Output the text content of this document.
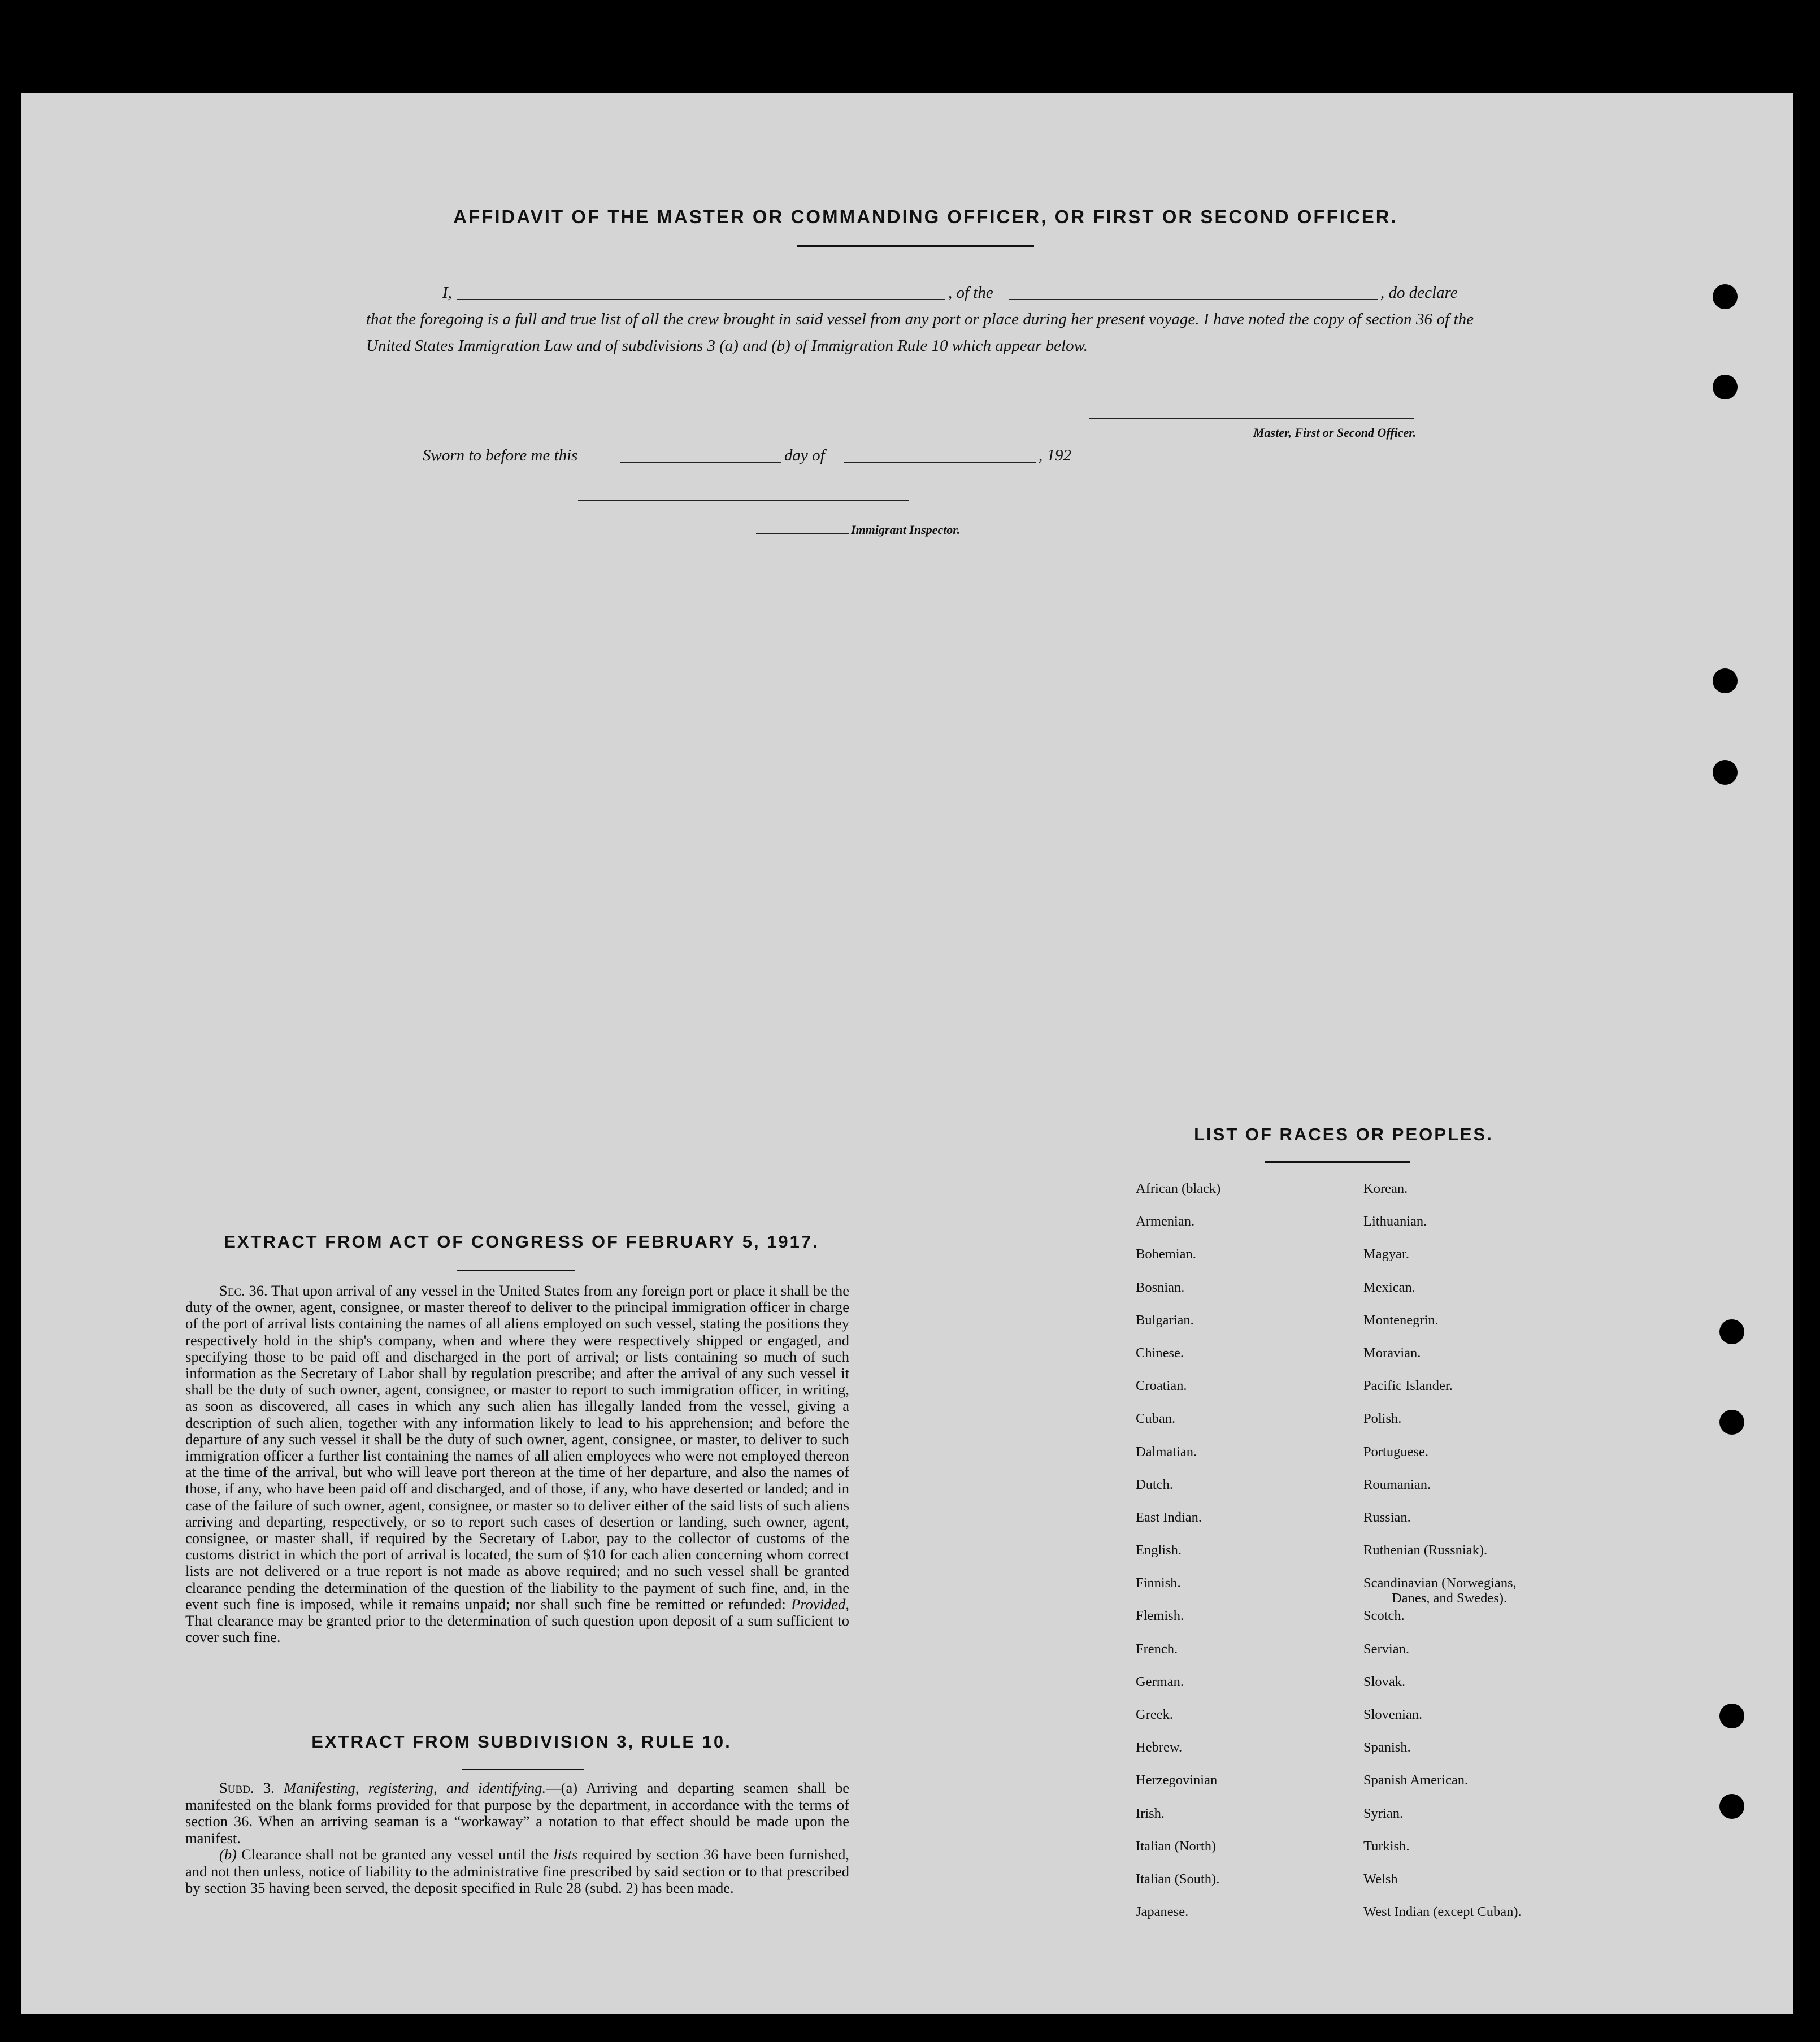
AFFIDAVIT OF THE MASTER OR COMMANDING OFFICER, OR FIRST OR SECOND OFFICER.
I,	, of the	, do declare
that the foregoing is a full and true list of all the crew brought in said vessel from any port or place during her present voyage. I have noted the copy of section 36 of the United States Immigration Law and of subdivisions 3 (a) and (b) of Immigration Rule 10 which appear below.
Master, First or Second Officer.
Sworn to before me this	day of	, 192
Immigrant Inspector.
EXTRACT FROM ACT OF CONGRESS OF FEBRUARY 5, 1917.
Sec. 36. That upon arrival of any vessel in the United States from any foreign port or place it shall be the duty of the owner, agent, consignee, or master thereof to deliver to the principal immigration officer in charge of the port of arrival lists containing the names of all aliens employed on such vessel, stating the positions they respectively hold in the ship's company, when and where they were respectively shipped or engaged, and specifying those to be paid off and discharged in the port of arrival; or lists containing so much of such information as the Secretary of Labor shall by regulation prescribe; and after the arrival of any such vessel it shall be the duty of such owner, agent, consignee, or master to report to such immigration officer, in writing, as soon as discovered, all cases in which any such alien has illegally landed from the vessel, giving a description of such alien, together with any information likely to lead to his apprehension; and before the departure of any such vessel it shall be the duty of such owner, agent, consignee, or master, to deliver to such immigration officer a further list containing the names of all alien employees who were not employed thereon at the time of the arrival, but who will leave port thereon at the time of her departure, and also the names of those, if any, who have been paid off and discharged, and of those, if any, who have deserted or landed; and in case of the failure of such owner, agent, consignee, or master so to deliver either of the said lists of such aliens arriving and departing, respectively, or so to report such cases of desertion or landing, such owner, agent, consignee, or master shall, if required by the Secretary of Labor, pay to the collector of customs of the customs district in which the port of arrival is located, the sum of $10 for each alien concerning whom correct lists are not delivered or a true report is not made as above required; and no such vessel shall be granted clearance pending the determination of the question of the liability to the payment of such fine, and, in the event such fine is imposed, while it remains unpaid; nor shall such fine be remitted or refunded: Provided, That clearance may be granted prior to the determination of such question upon deposit of a sum sufficient to cover such fine.
EXTRACT FROM SUBDIVISION 3, RULE 10.

Subd. 3. Manifesting, registering, and identifying.—(a) Arriving and departing seamen shall be manifested on the blank forms provided for that purpose by the department, in accordance with the terms of section 36. When an arriving seaman is a “workaway” a notation to that effect should be made upon the manifest.

(b) Clearance shall not be granted any vessel until the lists required by section 36 have been furnished, and not then unless, notice of liability to the administrative fine prescribed by said section or to that prescribed by section 35 having been served, the deposit specified in Rule 28 (subd. 2) has been made.

LIST OF RACES OR PEOPLES.
African (black)
Armenian.
Bohemian.
Bosnian.
Bulgarian.
Chinese.
Croatian.
Cuban.
Dalmatian.
Dutch.
East Indian.
English.
Finnish.
Flemish.
French.
German.
Greek.
Hebrew.
Herzegovinian
Irish.
Italian (North)
Italian (South).
Japanese.
Korean.
Lithuanian.
Magyar.
Mexican.
Montenegrin.
Moravian.
Pacific Islander.
Polish.
Portuguese.
Roumanian.
Russian.
Ruthenian (Russniak).
Scandinavian (Norwegians,
Danes, and Swedes).
Scotch.
Servian.
Slovak.
Slovenian.
Spanish.
Spanish American.
Syrian.
Turkish.
Welsh
West Indian (except Cuban).
